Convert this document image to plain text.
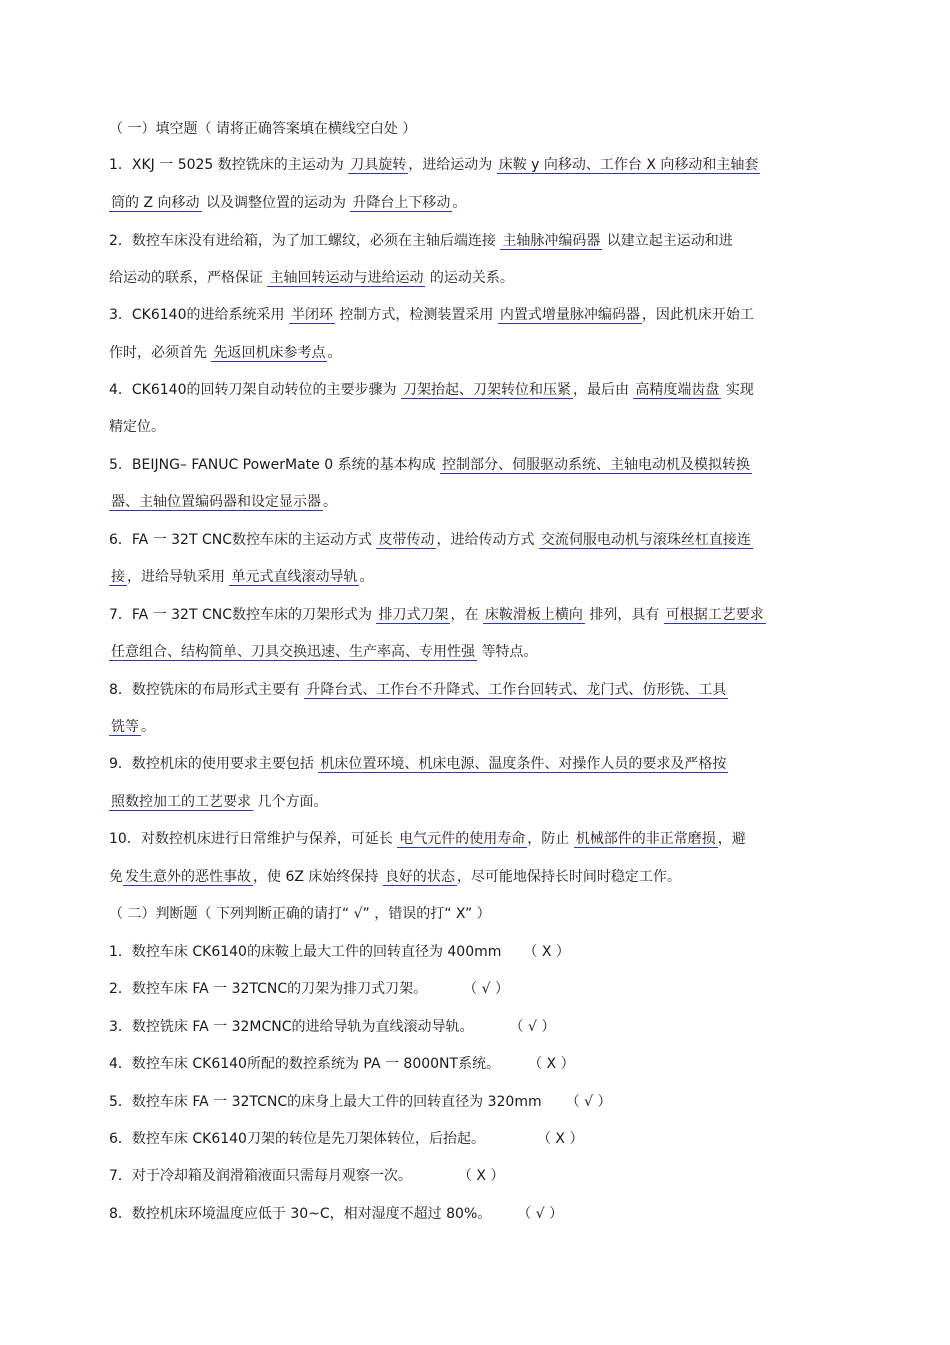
（ 一）填空题（ 请将正确答案填在横线空白处 ）
1．XKJ 一 5025 数控铣床的主运动为 刀具旋转 ，进给运动为 床鞍 y 向移动、工作台 X 向移动和主轴套
筒的 Z 向移动 以及调整位置的运动为 升降台上下移动 。
2．数控车床没有进给箱，为了加工螺纹，必须在主轴后端连接 主轴脉冲编码器 以建立起主运动和进
给运动的联系，严格保证 主轴回转运动与进给运动 的运动关系。
3．CK6140的进给系统采用 半闭环 控制方式，检测装置采用 内置式增量脉冲编码器 ，因此机床开始工
作时，必须首先 先返回机床参考点 。
4．CK6140的回转刀架自动转位的主要步骤为 刀架抬起、刀架转位和压紧 ，最后由 高精度端齿盘 实现
精定位。
5．BEIJNG– FANUC PowerMate 0 系统的基本构成 控制部分、伺服驱动系统、主轴电动机及模拟转换
器、主轴位置编码器和设定显示器 。
6．FA 一 32T CNC数控车床的主运动方式 皮带传动 ，进给传动方式 交流伺服电动机与滚珠丝杠直接连
接 ，进给导轨采用 单元式直线滚动导轨 。
7．FA 一 32T CNC数控车床的刀架形式为 排刀式刀架 ，在 床鞍滑板上横向 排列，具有 可根据工艺要求
任意组合、结构简单、刀具交换迅速、生产率高、专用性强 等特点。
8．数控铣床的布局形式主要有 升降台式、工作台不升降式、工作台回转式、龙门式、仿形铣、工具
铣等 。
9．数控机床的使用要求主要包括 机床位置环境、机床电源、温度条件、对操作人员的要求及严格按
照数控加工的工艺要求 几个方面。
10．对数控机床进行日常维护与保养，可延长 电气元件的使用寿命 ，防止 机械部件的非正常磨损 ，避
免 发生意外的恶性事故 ，使 6Z 床始终保持 良好的状态 ，尽可能地保持长时间时稳定工作。
（ 二）判断题（ 下列判断正确的请打“ √” ，错误的打“ X” ）
1．数控车床 CK6140的床鞍上最大工件的回转直径为 400mm （ X ）
2．数控车床 FA 一 32TCNC的刀架为排刀式刀架。	（ √ ）
3．数控铣床 FA 一 32MCNC的进给导轨为直线滚动导轨。	（ √ ）
4．数控车床 CK6140所配的数控系统为 PA 一 8000NT系统。 （ X ）
5．数控车床 FA 一 32TCNC的床身上最大工件的回转直径为 320mm （ √ ）
6．数控车床 CK6140刀架的转位是先刀架体转位，后抬起。	（ X ）
7．对于冷却箱及润滑箱液面只需每月观察一次。	（ X ）
8．数控机床环境温度应低于 30~C，相对湿度不超过 80%。 （ √ ）
